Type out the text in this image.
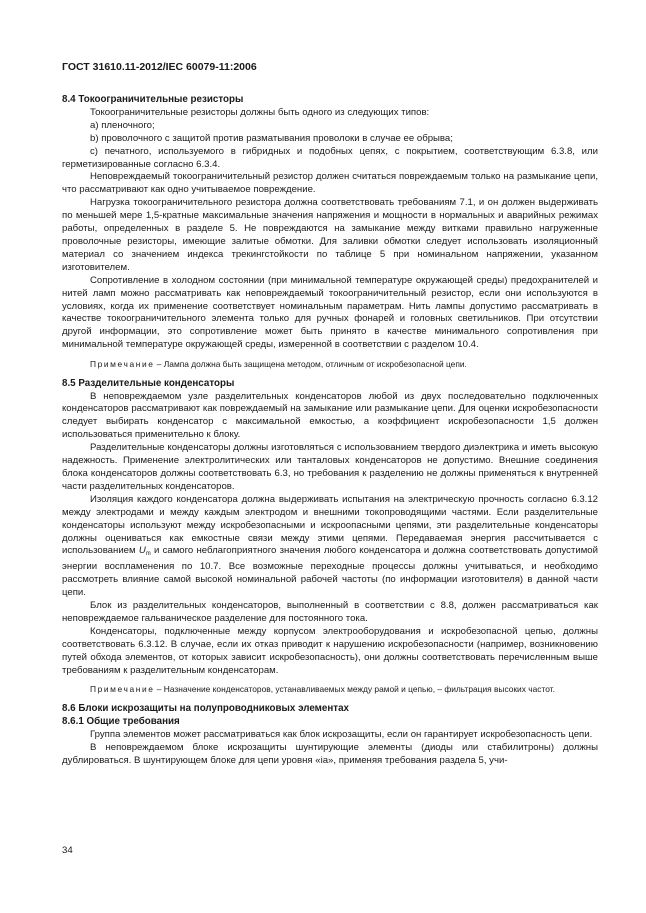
ГОСТ 31610.11-2012/IEC 60079-11:2006

8.4 Токоограничительные резисторы

Токоограничительные резисторы должны быть одного из следующих типов:

a) пленочного;

b) проволочного с защитой против разматывания проволоки в случае ее обрыва;

c) печатного, используемого в гибридных и подобных цепях, с покрытием, соответствующим 6.3.8, или герметизированные согласно 6.3.4.

Неповреждаемый токоограничительный резистор должен считаться повреждаемым только на размыкание цепи, что рассматривают как одно учитываемое повреждение.

Нагрузка токоограничительного резистора должна соответствовать требованиям 7.1, и он должен выдерживать по меньшей мере 1,5-кратные максимальные значения напряжения и мощности в нормальных и аварийных режимах работы, определенных в разделе 5. Не повреждаются на замыкание между витками правильно нагруженные проволочные резисторы, имеющие залитые обмотки. Для заливки обмотки следует использовать изоляционный материал со значением индекса трекингстойкости по таблице 5 при номинальном напряжении, указанном изготовителем.

Сопротивление в холодном состоянии (при минимальной температуре окружающей среды) предохранителей и нитей ламп можно рассматривать как неповреждаемый токоограничительный резистор, если они используются в условиях, когда их применение соответствует номинальным параметрам. Нить лампы допустимо рассматривать в качестве токоограничительного элемента только для ручных фонарей и головных светильников. При отсутствии другой информации, это сопротивление может быть принято в качестве минимального сопротивления при минимальной температуре окружающей среды, измеренной в соответствии с разделом 10.4.

Примечание – Лампа должна быть защищена методом, отличным от искробезопасной цепи.

8.5 Разделительные конденсаторы

В неповреждаемом узле разделительных конденсаторов любой из двух последовательно подключенных конденсаторов рассматривают как повреждаемый на замыкание или размыкание цепи. Для оценки искробезопасности следует выбирать конденсатор с максимальной емкостью, а коэффициент искробезопасности 1,5 должен использоваться применительно к блоку.

Разделительные конденсаторы должны изготовляться с использованием твердого диэлектрика и иметь высокую надежность. Применение электролитических или танталовых конденсаторов не допустимо. Внешние соединения блока конденсаторов должны соответствовать 6.3, но требования к разделению не должны применяться к внутренней части разделительных конденсаторов.

Изоляция каждого конденсатора должна выдерживать испытания на электрическую прочность согласно 6.3.12 между электродами и между каждым электродом и внешними токопроводящими частями. Если разделительные конденсаторы используют между искробезопасными и искроопасными цепями, эти разделительные конденсаторы должны оцениваться как емкостные связи между этими цепями. Передаваемая энергия рассчитывается с использованием $U_m$ и самого неблагоприятного значения любого конденсатора и должна соответствовать допустимой энергии воспламенения по 10.7. Все возможные переходные процессы должны учитываться, и необходимо рассмотреть влияние самой высокой номинальной рабочей частоты (по информации изготовителя) в данной части цепи.

Блок из разделительных конденсаторов, выполненный в соответствии с 8.8, должен рассматриваться как неповреждаемое гальваническое разделение для постоянного тока.

Конденсаторы, подключенные между корпусом электрооборудования и искробезопасной цепью, должны соответствовать 6.3.12. В случае, если их отказ приводит к нарушению искробезопасности (например, возникновению путей обхода элементов, от которых зависит искробезопасность), они должны соответствовать перечисленным выше требованиям к разделительным конденсаторам.

Примечание – Назначение конденсаторов, устанавливаемых между рамой и цепью, – фильтрация высоких частот.

8.6 Блоки искрозащиты на полупроводниковых элементах

8.6.1 Общие требования

Группа элементов может рассматриваться как блок искрозащиты, если он гарантирует искробезопасность цепи.

В неповреждаемом блоке искрозащиты шунтирующие элементы (диоды или стабилитроны) должны дублироваться. В шунтирующем блоке для цепи уровня «ia», применяя требования раздела 5, учи-

34
